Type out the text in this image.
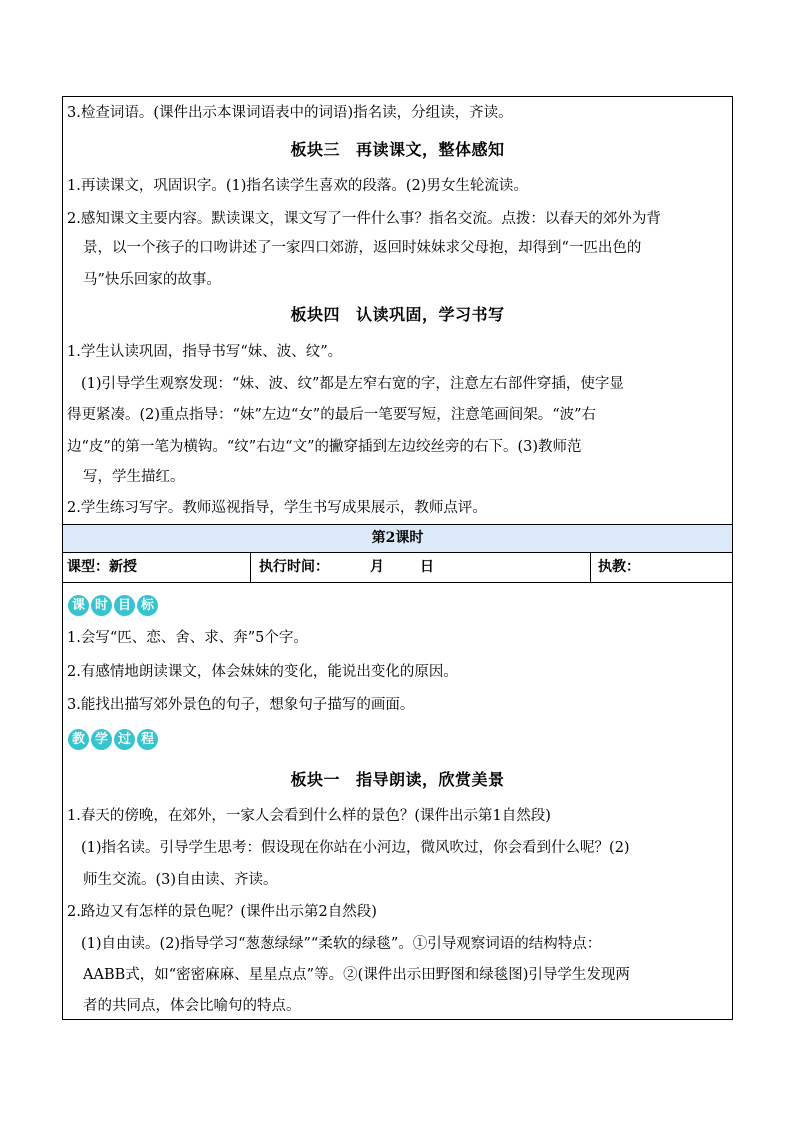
3.检查词语。(课件出示本课词语表中的词语)指名读，分组读，齐读。
板块三 再读课文，整体感知
1.再读课文，巩固识字。(1)指名读学生喜欢的段落。(2)男女生轮流读。
2.感知课文主要内容。默读课文，课文写了一件什么事？指名交流。点拨：以春天的郊外为背
景，以一个孩子的口吻讲述了一家四口郊游，返回时妹妹求父母抱，却得到“一匹出色的
马”快乐回家的故事。
板块四 认读巩固，学习书写
1.学生认读巩固，指导书写“妹、波、纹”。
(1)引导学生观察发现：“妹、波、纹”都是左窄右宽的字，注意左右部件穿插，使字显
得更紧凑。(2)重点指导：“妹”左边“女”的最后一笔要写短，注意笔画间架。“波”右
边“皮”的第一笔为横钩。“纹”右边“文”的撇穿插到左边绞丝旁的右下。(3)教师范
写，学生描红。
2.学生练习写字。教师巡视指导，学生书写成果展示，教师点评。
第2课时
课型：新授	执行时间：	月	日	执教：
课 时 目 标
1.会写“匹、恋、舍、求、奔”5个字。
2.有感情地朗读课文，体会妹妹的变化，能说出变化的原因。
3.能找出描写郊外景色的句子，想象句子描写的画面。
教 学 过 程
板块一 指导朗读，欣赏美景
1.春天的傍晚，在郊外，一家人会看到什么样的景色？(课件出示第1自然段)
(1)指名读。引导学生思考：假设现在你站在小河边，微风吹过，你会看到什么呢？(2)
师生交流。(3)自由读、齐读。
2.路边又有怎样的景色呢？(课件出示第2自然段)
(1)自由读。(2)指导学习“葱葱绿绿”“柔软的绿毯”。①引导观察词语的结构特点：
AABB式，如“密密麻麻、星星点点”等。②(课件出示田野图和绿毯图)引导学生发现两
者的共同点，体会比喻句的特点。
